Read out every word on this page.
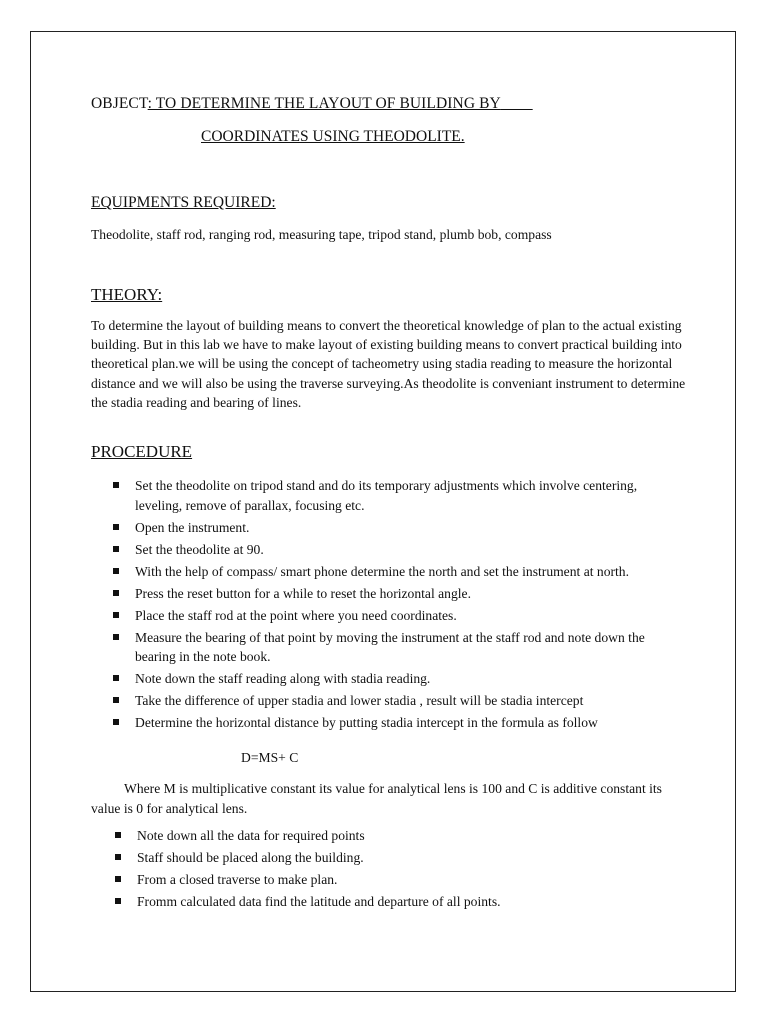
OBJECT: TO DETERMINE THE LAYOUT OF BUILDING BY
COORDINATES USING THEODOLITE.
EQUIPMENTS REQUIRED:
Theodolite, staff rod, ranging rod, measuring tape, tripod stand, plumb bob, compass
THEORY:
To determine the layout of building means to convert the theoretical knowledge of plan to the actual existing building. But in this lab we have to make layout of existing building means to convert practical building into theoretical plan.we will be using the concept of tacheometry using stadia reading to measure the horizontal distance and we will also be using the traverse surveying.As theodolite is conveniant instrument to determine the stadia reading and bearing of lines.
PROCEDURE
Set the theodolite on tripod stand and do its temporary adjustments which involve centering, leveling, remove of parallax, focusing etc.
Open the instrument.
Set the theodolite at 90.
With the help of compass/ smart phone determine the north and set the instrument at north.
Press the reset button for a while to reset the horizontal angle.
Place the staff rod at the point where you need coordinates.
Measure the bearing of that point by moving the instrument at the staff rod and note down the bearing in the note book.
Note down the staff reading along with stadia reading.
Take the difference of upper stadia and lower stadia , result will be stadia intercept
Determine the horizontal distance by putting stadia intercept in the formula as follow
D=MS+ C
Where M is multiplicative constant its value for analytical lens is 100 and C is additive constant its value is 0 for analytical lens.
Note down all the data for required points
Staff should be placed along the building.
From a closed traverse to make plan.
Fromm calculated data find the latitude and departure of all points.
